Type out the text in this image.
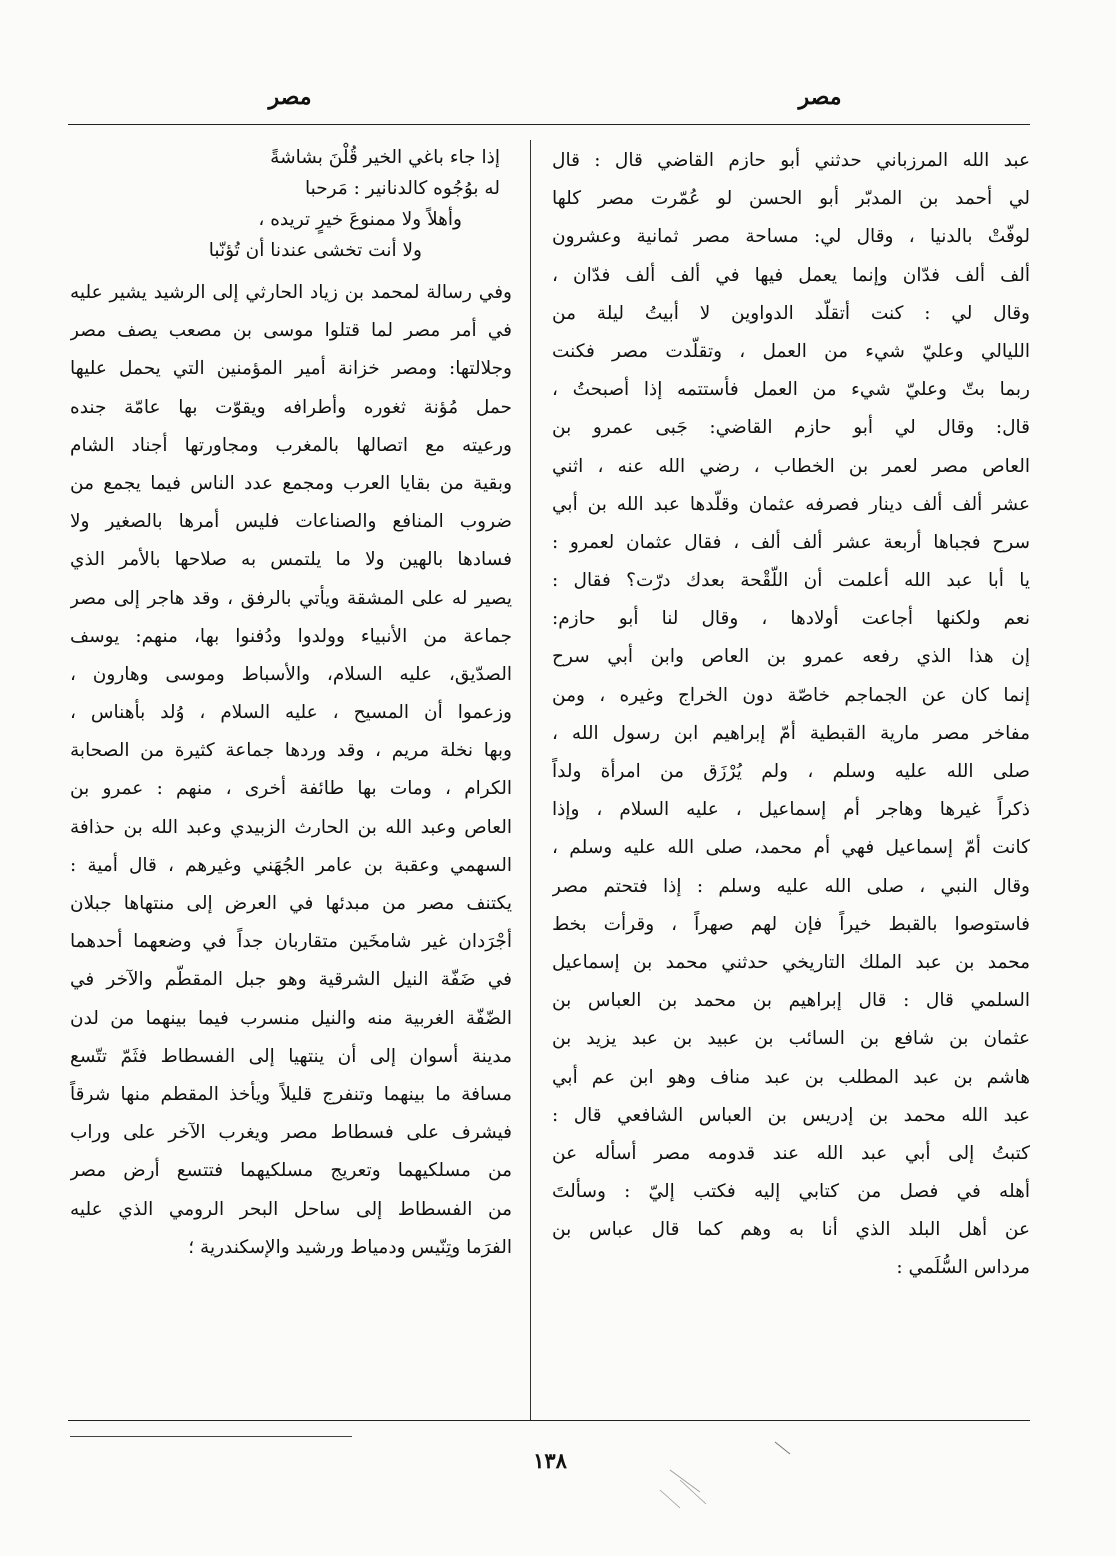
مصر
مصر
عبد الله المرزباني حدثني أبو حازم القاضي قال : قال
لي أحمد بن المدبّر أبو الحسن لو عُمّرت مصر كلها
لوفّتْ بالدنيا ، وقال لي: مساحة مصر ثمانية وعشرون
ألف ألف فدّان وإنما يعمل فيها في ألف ألف فدّان ،
وقال لي : كنت أتقلّد الدواوين لا أبيتُ ليلة من
الليالي وعليّ شيء من العمل ، وتقلّدت مصر فكنت
ربما بتّ وعليّ شيء من العمل فأستتمه إذا أصبحتُ ،
قال: وقال لي أبو حازم القاضي: جَبى عمرو بن
العاص مصر لعمر بن الخطاب ، رضي الله عنه ، اثني
عشر ألف ألف دينار فصرفه عثمان وقلّدها عبد الله بن أبي
سرح فجباها أربعة عشر ألف ألف ، فقال عثمان لعمرو :
يا أبا عبد الله أعلمت أن اللّقْحة بعدك درّت؟ فقال :
نعم ولكنها أجاعت أولادها ، وقال لنا أبو حازم:
إن هذا الذي رفعه عمرو بن العاص وابن أبي سرح
إنما كان عن الجماجم خاصّة دون الخراج وغيره ، ومن
مفاخر مصر مارية القبطية أمّ إبراهيم ابن رسول الله ،
صلى الله عليه وسلم ، ولم يُرْزَق من امرأة ولداً
ذكراً غيرها وهاجر أم إسماعيل ، عليه السلام ، وإذا
كانت أمّ إسماعيل فهي أم محمد، صلى الله عليه وسلم ،
وقال النبي ، صلى الله عليه وسلم : إذا فتحتم مصر
فاستوصوا بالقبط خيراً فإن لهم صهراً ، وقرأت بخط
محمد بن عبد الملك التاريخي حدثني محمد بن إسماعيل
السلمي قال : قال إبراهيم بن محمد بن العباس بن
عثمان بن شافع بن السائب بن عبيد بن عبد يزيد بن
هاشم بن عبد المطلب بن عبد مناف وهو ابن عم أبي
عبد الله محمد بن إدريس بن العباس الشافعي قال :
كتبتُ إلى أبي عبد الله عند قدومه مصر أسأله عن
أهله في فصل من كتابي إليه فكتب إليّ : وسألتَ
عن أهل البلد الذي أنا به وهم كما قال عباس بن
مرداس السُّلَمي :
إذا جاء باغي الخير قُلْنَ بشاشةً
له بوُجُوه كالدنانير : مَرحبا
وأهلاً ولا ممنوعَ خيرٍ تريده ،
ولا أنت تخشى عندنا أن تُؤنّبا
وفي رسالة لمحمد بن زياد الحارثي إلى الرشيد يشير عليه
في أمر مصر لما قتلوا موسى بن مصعب يصف مصر
وجلالتها: ومصر خزانة أمير المؤمنين التي يحمل عليها
حمل مُؤنة ثغوره وأطرافه ويقوّت بها عامّة جنده
ورعيته مع اتصالها بالمغرب ومجاورتها أجناد الشام
وبقية من بقايا العرب ومجمع عدد الناس فيما يجمع من
ضروب المنافع والصناعات فليس أمرها بالصغير ولا
فسادها بالهين ولا ما يلتمس به صلاحها بالأمر الذي
يصير له على المشقة ويأتي بالرفق ، وقد هاجر إلى مصر
جماعة من الأنبياء وولدوا ودُفنوا بها، منهم: يوسف
الصدّيق، عليه السلام، والأسباط وموسى وهارون ،
وزعموا أن المسيح ، عليه السلام ، وُلد بأهناس ،
وبها نخلة مريم ، وقد وردها جماعة كثيرة من الصحابة
الكرام ، ومات بها طائفة أخرى ، منهم : عمرو بن
العاص وعبد الله بن الحارث الزبيدي وعبد الله بن حذافة
السهمي وعقبة بن عامر الجُهَني وغيرهم ، قال أمية :
يكتنف مصر من مبدئها في العرض إلى منتهاها جبلان
أجْرَدان غير شامخَين متقاربان جداً في وضعهما أحدهما
في ضَفّة النيل الشرقية وهو جبل المقطّم والآخر في
الضّفّة الغربية منه والنيل منسرب فيما بينهما من لدن
مدينة أسوان إلى أن ينتهيا إلى الفسطاط فثَمّ تتّسع
مسافة ما بينهما وتنفرج قليلاً ويأخذ المقطم منها شرقاً
فيشرف على فسطاط مصر ويغرب الآخر على وراب
من مسلكيهما وتعريج مسلكيهما فتتسع أرض مصر
من الفسطاط إلى ساحل البحر الرومي الذي عليه
الفرَما وتِنّيس ودمياط ورشيد والإسكندرية ؛
١٣٨
